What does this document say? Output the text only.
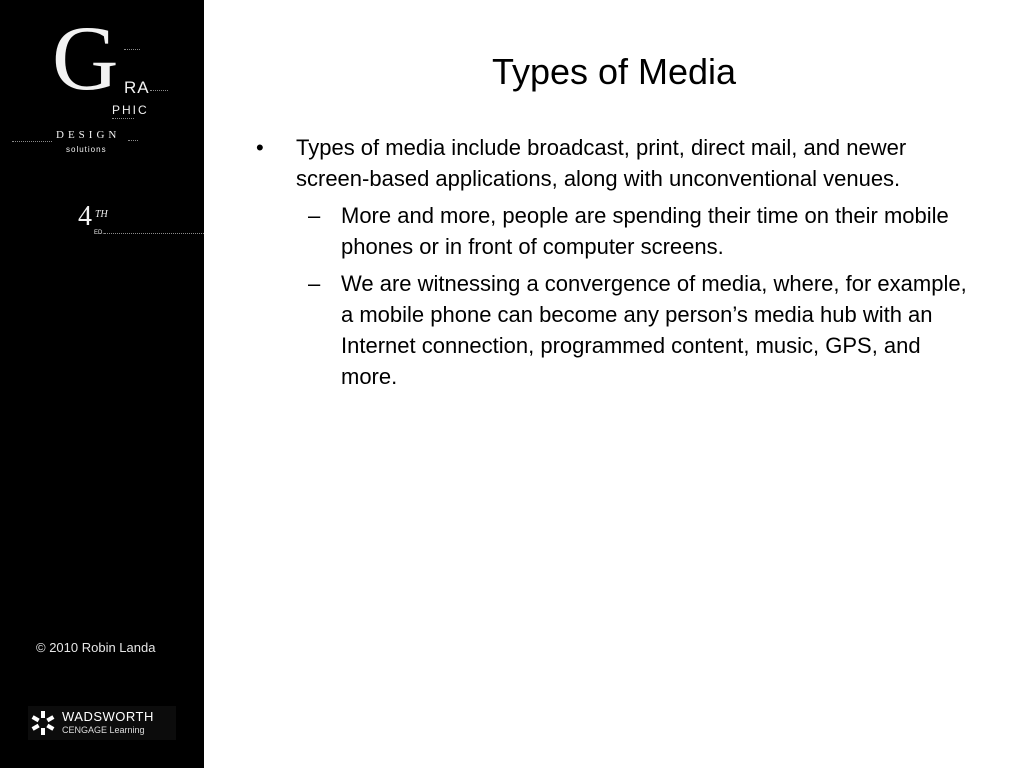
G RA
PHIC
DESIGN
solutions
4 TH
ED.
© 2010 Robin Landa
WADSWORTH
CENGAGE Learning
Types of Media
• Types of media include broadcast, print, direct mail, and newer screen-based applications, along with unconventional venues.
– More and more, people are spending their time on their mobile phones or in front of computer screens.
– We are witnessing a convergence of media, where, for example, a mobile phone can become any person’s media hub with an Internet connection, programmed content, music, GPS, and more.
